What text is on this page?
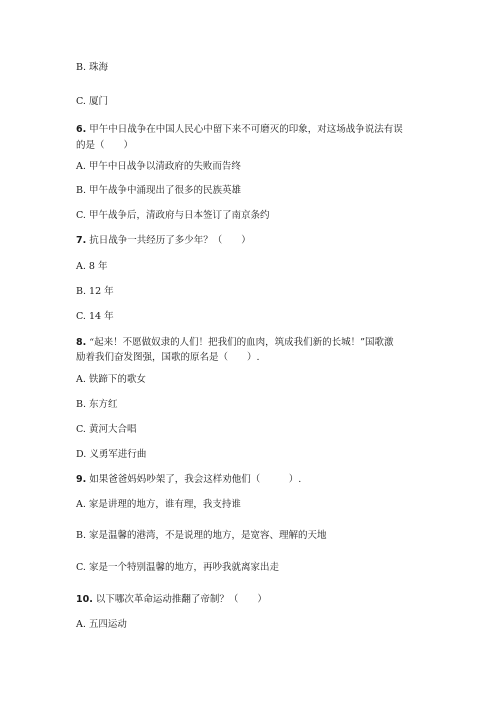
B. 珠海
C. 厦门
6. 甲午中日战争在中国人民心中留下来不可磨灭的印象，对这场战争说法有误
的是（　　）
A. 甲午中日战争以清政府的失败而告终
B. 甲午战争中涌现出了很多的民族英雄
C. 甲午战争后，清政府与日本签订了南京条约
7. 抗日战争一共经历了多少年？（　　）
A. 8 年
B. 12 年
C. 14 年
8. “起来！不愿做奴隶的人们！把我们的血肉，筑成我们新的长城！”国歌激
励着我们奋发图强，国歌的原名是（　　）.
A. 铁蹄下的歌女
B. 东方红
C. 黄河大合唱
D. 义勇军进行曲
9. 如果爸爸妈妈吵架了，我会这样劝他们（　　　）.
A. 家是讲理的地方，谁有理，我支持谁
B. 家是温馨的港湾，不是说理的地方，是宽容、理解的天地
C. 家是一个特别温馨的地方，再吵我就离家出走
10. 以下哪次革命运动推翻了帝制？（　　）
A. 五四运动
